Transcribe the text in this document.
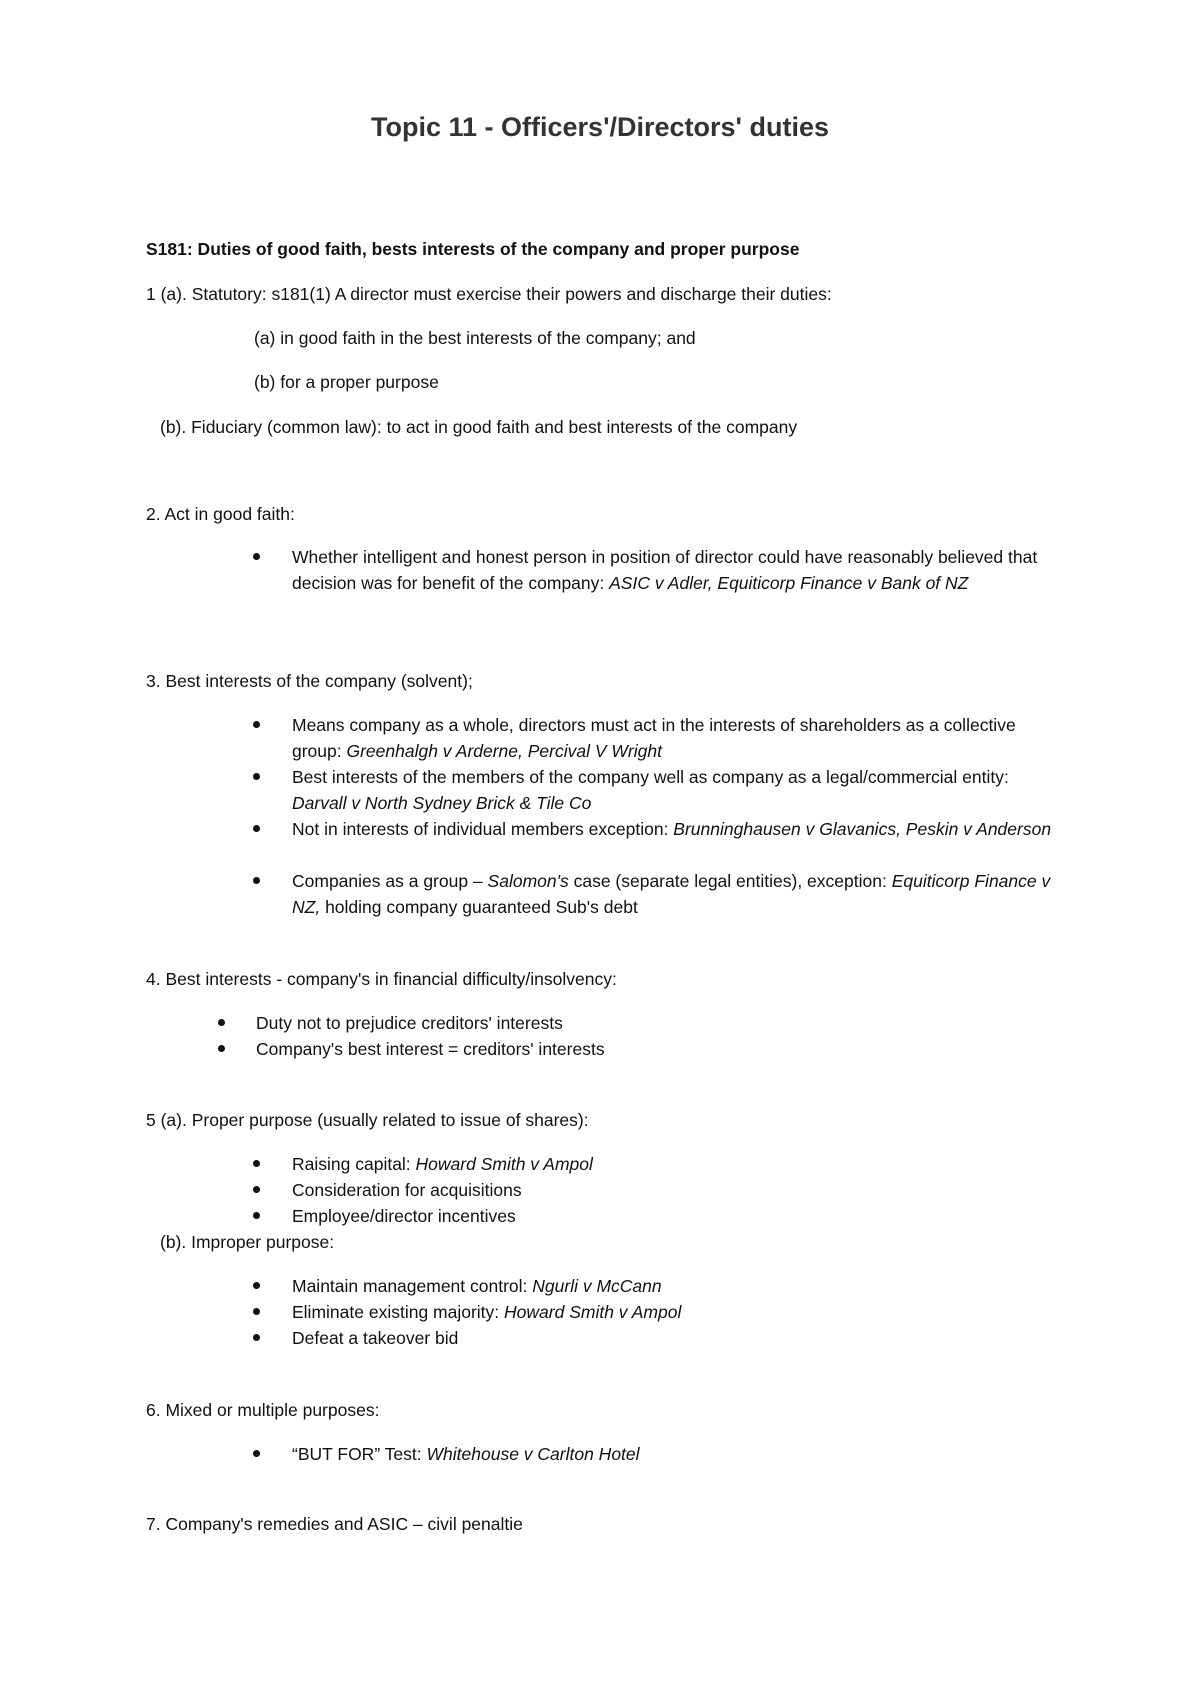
Topic 11 - Officers'/Directors' duties
S181: Duties of good faith, bests interests of the company and proper purpose
1 (a). Statutory: s181(1) A director must exercise their powers and discharge their duties:
(a) in good faith in the best interests of the company; and
(b) for a proper purpose
(b). Fiduciary (common law): to act in good faith and best interests of the company
2. Act in good faith:
Whether intelligent and honest person in position of director could have reasonably believed that decision was for benefit of the company: ASIC v Adler, Equiticorp Finance v Bank of NZ
3. Best interests of the company (solvent);
Means company as a whole, directors must act in the interests of shareholders as a collective group: Greenhalgh v Arderne, Percival V Wright
Best interests of the members of the company well as company as a legal/commercial entity: Darvall v North Sydney Brick & Tile Co
Not in interests of individual members exception: Brunninghausen v Glavanics, Peskin v Anderson
Companies as a group – Salomon's case (separate legal entities), exception: Equiticorp Finance v NZ, holding company guaranteed Sub's debt
4. Best interests - company's in financial difficulty/insolvency:
Duty not to prejudice creditors' interests
Company's best interest = creditors' interests
5 (a). Proper purpose (usually related to issue of shares):
Raising capital: Howard Smith v Ampol
Consideration for acquisitions
Employee/director incentives
(b). Improper purpose:
Maintain management control: Ngurli v McCann
Eliminate existing majority: Howard Smith v Ampol
Defeat a takeover bid
6. Mixed or multiple purposes:
“BUT FOR” Test: Whitehouse v Carlton Hotel
7. Company's remedies and ASIC – civil penaltie
